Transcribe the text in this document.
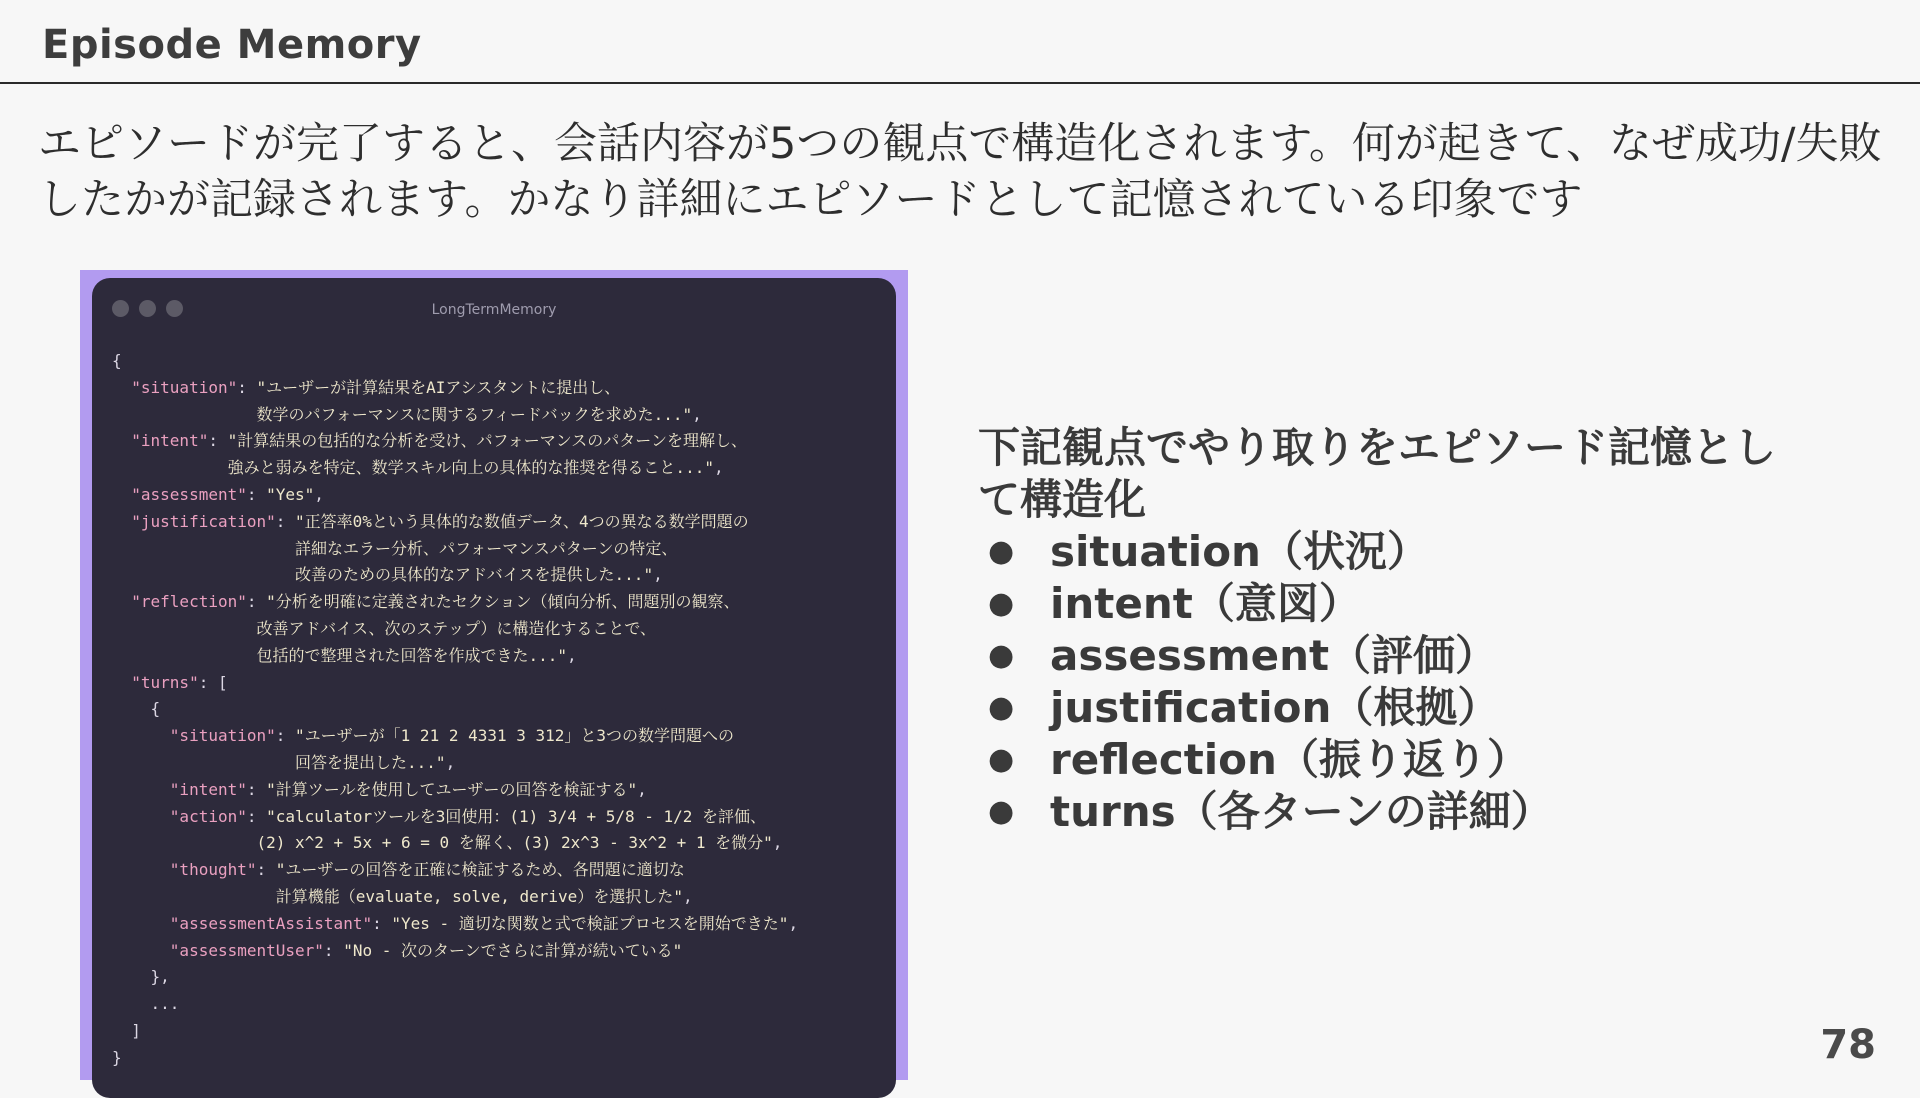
Episode Memory
エピソードが完了すると、会話内容が5つの観点で構造化されます。何が起きて、なぜ成功/失敗したかが記録されます。かなり詳細にエピソードとして記憶されている印象です
LongTermMemory
{
"situation": "ユーザーが計算結果をAIアシスタントに提出し、
数学のパフォーマンスに関するフィードバックを求めた...",
"intent": "計算結果の包括的な分析を受け、パフォーマンスのパターンを理解し、
強みと弱みを特定、数学スキル向上の具体的な推奨を得ること...",
"assessment": "Yes",
"justification": "正答率0%という具体的な数値データ、4つの異なる数学問題の
詳細なエラー分析、パフォーマンスパターンの特定、
改善のための具体的なアドバイスを提供した...",
"reflection": "分析を明確に定義されたセクション（傾向分析、問題別の観察、
改善アドバイス、次のステップ）に構造化することで、
包括的で整理された回答を作成できた...",
"turns": [
{
"situation": "ユーザーが「1 21 2 4331 3 312」と3つの数学問題への
回答を提出した...",
"intent": "計算ツールを使用してユーザーの回答を検証する",
"action": "calculatorツールを3回使用：(1) 3/4 + 5/8 - 1/2 を評価、
(2) x^2 + 5x + 6 = 0 を解く、(3) 2x^3 - 3x^2 + 1 を微分",
"thought": "ユーザーの回答を正確に検証するため、各問題に適切な
計算機能（evaluate, solve, derive）を選択した",
"assessmentAssistant": "Yes - 適切な関数と式で検証プロセスを開始できた",
"assessmentUser": "No - 次のターンでさらに計算が続いている"
},
...
]
}
下記観点でやり取りをエピソード記憶とし
て構造化
● situation（状況）
● intent（意図）
● assessment（評価）
● justification（根拠）
● reflection（振り返り）
● turns（各ターンの詳細）
78
